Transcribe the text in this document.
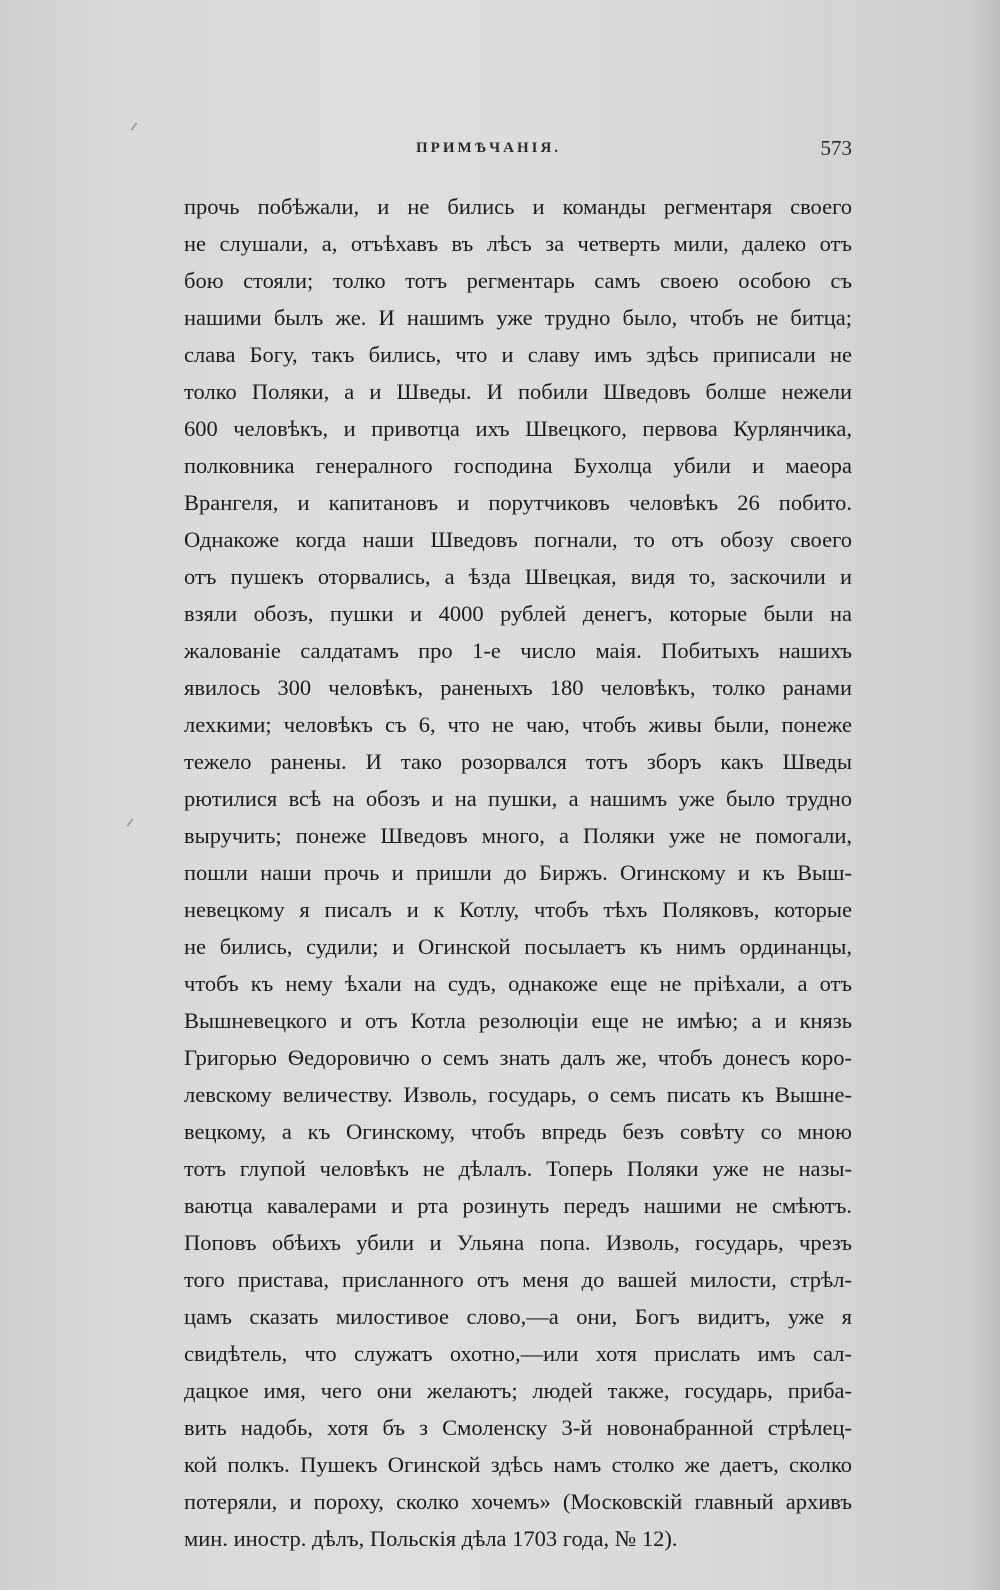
ПРИМѢЧАНІЯ.	573
прочь побѣжали, и не бились и команды регментаря своего
не слушали, а, отъѣхавъ въ лѣсъ за четверть мили, далеко отъ
бою стояли; толко тотъ регментарь самъ своею особою съ
нашими былъ же. И нашимъ уже трудно было, чтобъ не битца;
слава Богу, такъ бились, что и славу имъ здѣсь приписали не
толко Поляки, а и Шведы. И побили Шведовъ болше нежели
600 человѣкъ, и привотца ихъ Швецкого, первова Курлянчика,
полковника генералного господина Бухолца убили и маеора
Врангеля, и капитановъ и порутчиковъ человѣкъ 26 побито.
Однакоже когда наши Шведовъ погнали, то отъ обозу своего
отъ пушекъ оторвались, а ѣзда Швецкая, видя то, заскочили и
взяли обозъ, пушки и 4000 рублей денегъ, которые были на
жалованіе салдатамъ про 1-е число маія. Побитыхъ нашихъ
явилось 300 человѣкъ, раненыхъ 180 человѣкъ, толко ранами
лехкими; человѣкъ съ 6, что не чаю, чтобъ живы были, понеже
тежело ранены. И тако розорвался тотъ зборъ какъ Шведы
рютилися всѣ на обозъ и на пушки, а нашимъ уже было трудно
выручить; понеже Шведовъ много, а Поляки уже не помогали,
пошли наши прочь и пришли до Биржъ. Огинскому и къ Выш-
невецкому я писалъ и к Котлу, чтобъ тѣхъ Поляковъ, которые
не бились, судили; и Огинской посылаетъ къ нимъ ординанцы,
чтобъ къ нему ѣхали на судъ, однакоже еще не пріѣхали, а отъ
Вышневецкого и отъ Котла резолюціи еще не имѣю; а и князь
Григорью Ѳедоровичю о семъ знать далъ же, чтобъ донесъ коро-
левскому величеству. Изволь, государь, о семъ писать къ Вышне-
вецкому, а къ Огинскому, чтобъ впредь безъ совѣту со мною
тотъ глупой человѣкъ не дѣлалъ. Топерь Поляки уже не назы-
ваютца кавалерами и рта розинуть передъ нашими не смѣютъ.
Поповъ обѣихъ убили и Ульяна попа. Изволь, государь, чрезъ
того пристава, присланного отъ меня до вашей милости, стрѣл-
цамъ сказать милостивое слово,—а они, Богъ видитъ, уже я
свидѣтель, что служатъ охотно,—или хотя прислать имъ сал-
дацкое имя, чего они желаютъ; людей также, государь, приба-
вить надобь, хотя бъ з Смоленску 3-й новонабранной стрѣлец-
кой полкъ. Пушекъ Огинской здѣсь намъ столко же даетъ, сколко
потеряли, и пороху, сколко хочемъ» (Московскій главный архивъ
мин. иностр. дѣлъ, Польскія дѣла 1703 года, № 12).
